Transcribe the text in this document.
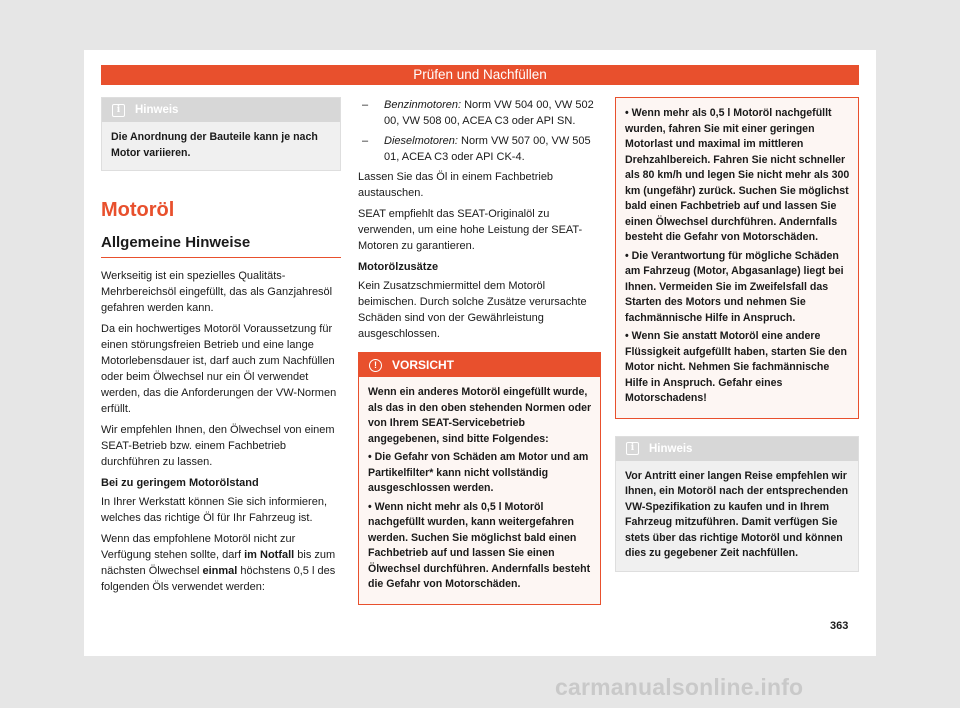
Prüfen und Nachfüllen
i	Hinweis
Die Anordnung der Bauteile kann je nach Motor variieren.
Motoröl
Allgemeine Hinweise

Werkseitig ist ein spezielles Qualitäts-Mehrbereichsöl eingefüllt, das als Ganzjahresöl gefahren werden kann.

Da ein hochwertiges Motoröl Voraussetzung für einen störungsfreien Betrieb und eine lange Motorlebensdauer ist, darf auch zum Nachfüllen oder beim Ölwechsel nur ein Öl verwendet werden, das die Anforderungen der VW-Normen erfüllt.

Wir empfehlen Ihnen, den Ölwechsel von einem SEAT-Betrieb bzw. einem Fachbetrieb durchführen zu lassen.

Bei zu geringem Motorölstand

In Ihrer Werkstatt können Sie sich informieren, welches das richtige Öl für Ihr Fahrzeug ist.

Wenn das empfohlene Motoröl nicht zur Verfügung stehen sollte, darf im Notfall bis zum nächsten Ölwechsel einmal höchstens 0,5 l des folgenden Öls verwendet werden:

– Benzinmotoren: Norm VW 504 00, VW 502 00, VW 508 00, ACEA C3 oder API SN.
– Dieselmotoren: Norm VW 507 00, VW 505 01, ACEA C3 oder API CK-4.

Lassen Sie das Öl in einem Fachbetrieb austauschen.

SEAT empfiehlt das SEAT-Originalöl zu verwenden, um eine hohe Leistung der SEAT-Motoren zu garantieren.

Motorölzusätze

Kein Zusatzschmiermittel dem Motoröl beimischen. Durch solche Zusätze verursachte Schäden sind von der Gewährleistung ausgeschlossen.

!	VORSICHT

Wenn ein anderes Motoröl eingefüllt wurde, als das in den oben stehenden Normen oder von Ihrem SEAT-Servicebetrieb angegebenen, sind bitte Folgendes:

• Die Gefahr von Schäden am Motor und am Partikelfilter* kann nicht vollständig ausgeschlossen werden.

• Wenn nicht mehr als 0,5 l Motoröl nachgefüllt wurden, kann weitergefahren werden. Suchen Sie möglichst bald einen Fachbetrieb auf und lassen Sie einen Ölwechsel durchführen. Andernfalls besteht die Gefahr von Motorschäden.

• Wenn mehr als 0,5 l Motoröl nachgefüllt wurden, fahren Sie mit einer geringen Motorlast und maximal im mittleren Drehzahlbereich. Fahren Sie nicht schneller als 80 km/h und legen Sie nicht mehr als 300 km (ungefähr) zurück. Suchen Sie möglichst bald einen Fachbetrieb auf und lassen Sie einen Ölwechsel durchführen. Andernfalls besteht die Gefahr von Motorschäden.

• Die Verantwortung für mögliche Schäden am Fahrzeug (Motor, Abgasanlage) liegt bei Ihnen. Vermeiden Sie im Zweifelsfall das Starten des Motors und nehmen Sie fachmännische Hilfe in Anspruch.

• Wenn Sie anstatt Motoröl eine andere Flüssigkeit aufgefüllt haben, starten Sie den Motor nicht. Nehmen Sie fachmännische Hilfe in Anspruch. Gefahr eines Motorschadens!

i	Hinweis
Vor Antritt einer langen Reise empfehlen wir Ihnen, ein Motoröl nach der entsprechenden VW-Spezifikation zu kaufen und in Ihrem Fahrzeug mitzuführen. Damit verfügen Sie stets über das richtige Motoröl und können dies zu gegebener Zeit nachfüllen.
363
carmanualsonline.info
